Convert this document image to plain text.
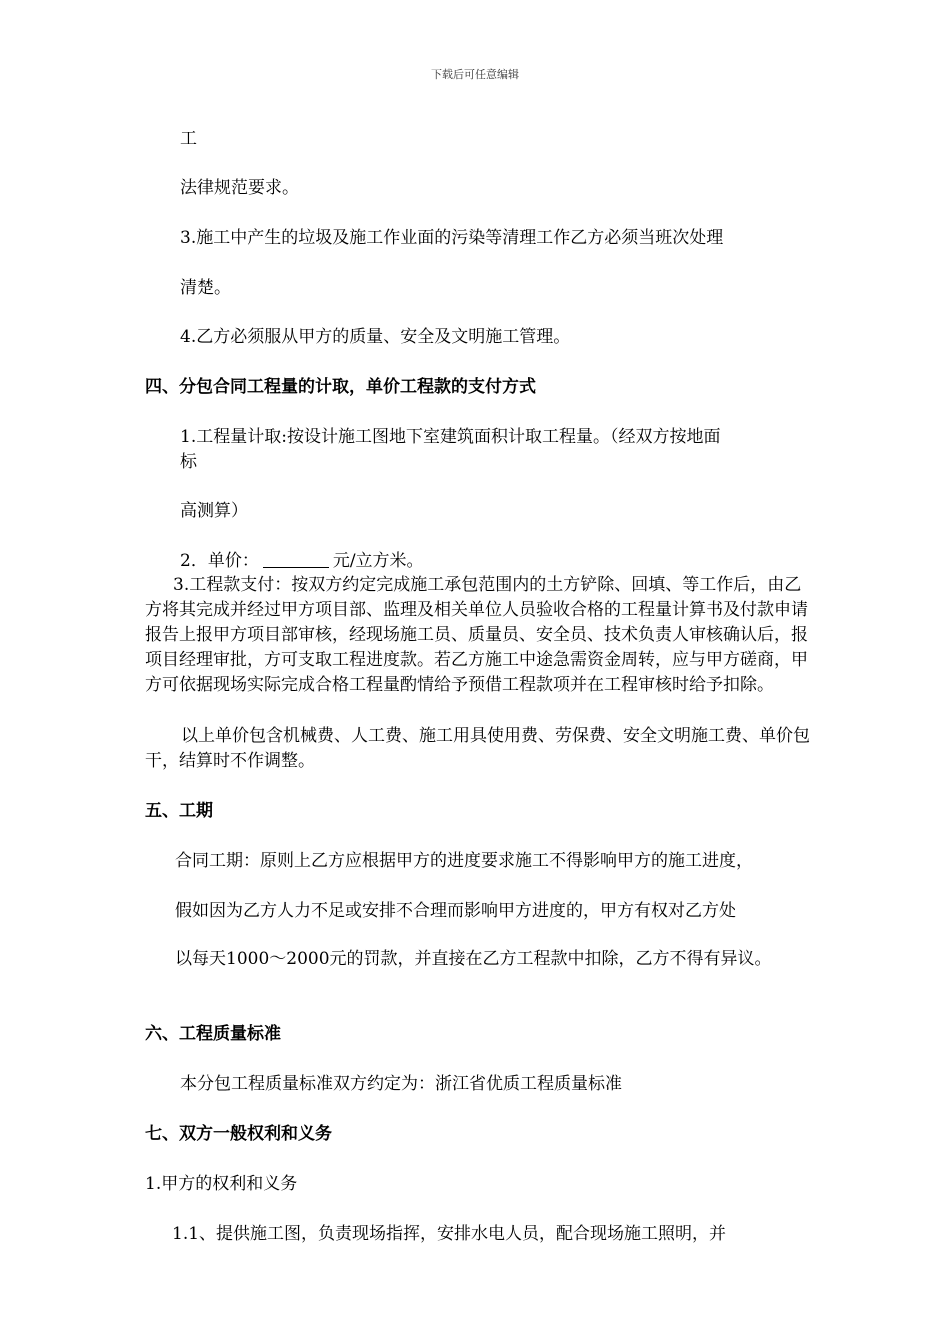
下载后可任意编辑
工
法律规范要求。
3.施工中产生的垃圾及施工作业面的污染等清理工作乙方必须当班次处理
清楚。
4.乙方必须服从甲方的质量、安全及文明施工管理。
四、分包合同工程量的计取，单价工程款的支付方式
1.工程量计取:按设计施工图地下室建筑面积计取工程量。（经双方按地面
标
高测算）
2．单价：	元/立方米。
3.工程款支付：按双方约定完成施工承包范围内的土方铲除、回填、等工作后，由乙方将其完成并经过甲方项目部、监理及相关单位人员验收合格的工程量计算书及付款申请报告上报甲方项目部审核，经现场施工员、质量员、安全员、技术负责人审核确认后，报项目经理审批，方可支取工程进度款。若乙方施工中途急需资金周转，应与甲方磋商，甲方可依据现场实际完成合格工程量酌情给予预借工程款项并在工程审核时给予扣除。
以上单价包含机械费、人工费、施工用具使用费、劳保费、安全文明施工费、单价包干，结算时不作调整。
五、工期
合同工期：原则上乙方应根据甲方的进度要求施工不得影响甲方的施工进度，
假如因为乙方人力不足或安排不合理而影响甲方进度的，甲方有权对乙方处
以每天1000～2000元的罚款，并直接在乙方工程款中扣除，乙方不得有异议。
六、工程质量标准
本分包工程质量标准双方约定为：浙江省优质工程质量标准
七、双方一般权利和义务
1.甲方的权利和义务
1.1、提供施工图，负责现场指挥，安排水电人员，配合现场施工照明，并
